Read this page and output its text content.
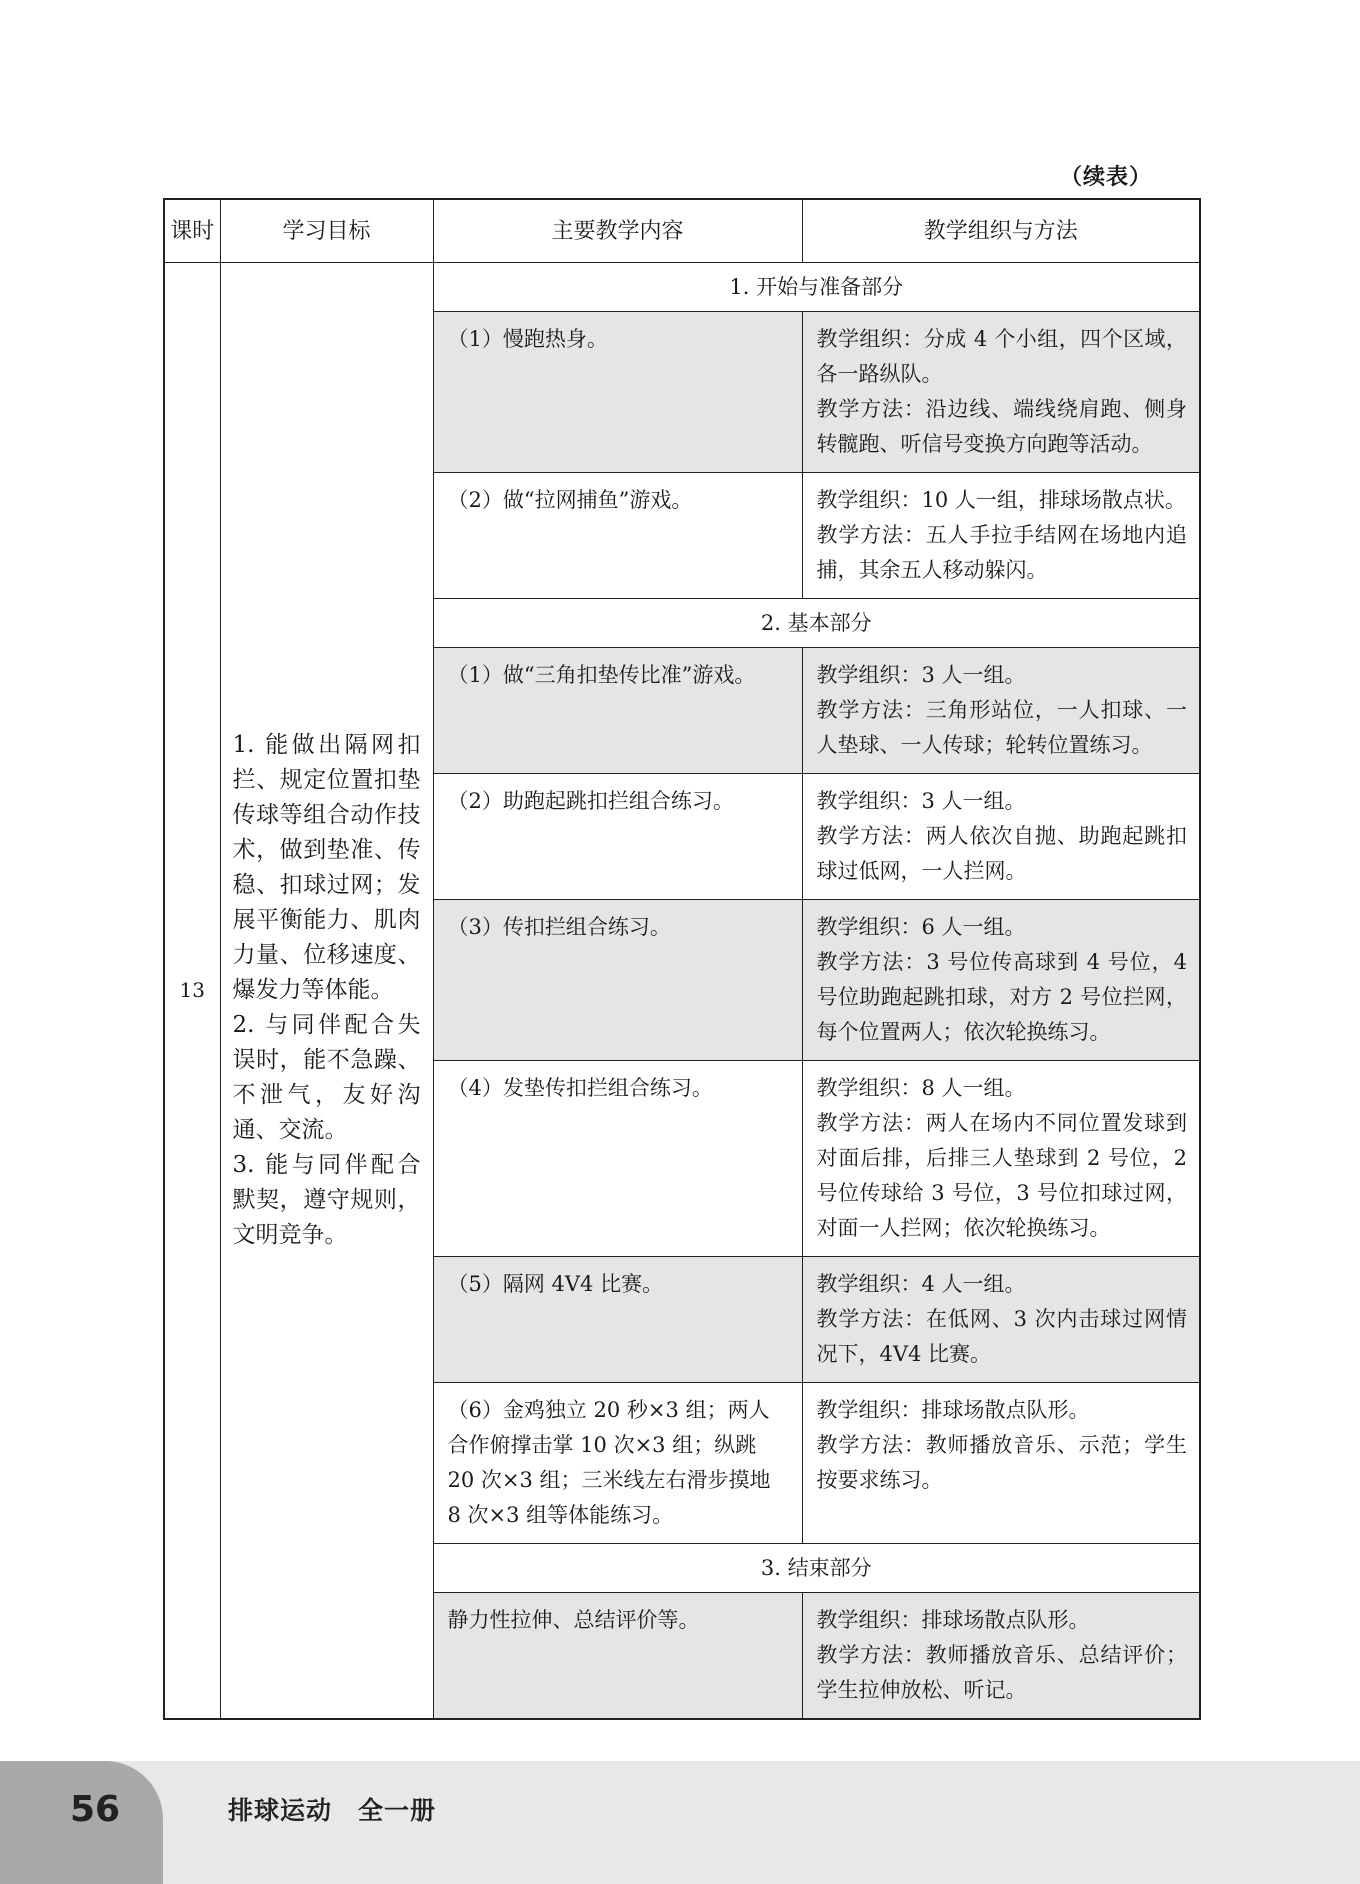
（续表）
课时	学习目标	主要教学内容	教学组织与方法
13	1. 能做出隔网扣拦、规定位置扣垫传球等组合动作技术，做到垫准、传稳、扣球过网；发展平衡能力、肌肉力量、位移速度、爆发力等体能。
2. 与同伴配合失误时，能不急躁、不泄气，友好沟通、交流。
3. 能与同伴配合默契，遵守规则，文明竞争。	1. 开始与准备部分	
		（1）慢跑热身。	教学组织：分成 4 个小组，四个区域，各一路纵队。
教学方法：沿边线、端线绕肩跑、侧身转髋跑、听信号变换方向跑等活动。

		（2）做“拉网捕鱼”游戏。	教学组织：10 人一组，排球场散点状。
教学方法：五人手拉手结网在场地内追捕，其余五人移动躲闪。

		2. 基本部分	
		（1）做“三角扣垫传比准”游戏。	教学组织：3 人一组。
教学方法：三角形站位，一人扣球、一人垫球、一人传球；轮转位置练习。

		（2）助跑起跳扣拦组合练习。	教学组织：3 人一组。
教学方法：两人依次自抛、助跑起跳扣球过低网，一人拦网。

		（3）传扣拦组合练习。	教学组织：6 人一组。
教学方法：3 号位传高球到 4 号位，4 号位助跑起跳扣球，对方 2 号位拦网，每个位置两人；依次轮换练习。

		（4）发垫传扣拦组合练习。	教学组织：8 人一组。
教学方法：两人在场内不同位置发球到对面后排，后排三人垫球到 2 号位，2 号位传球给 3 号位，3 号位扣球过网，对面一人拦网；依次轮换练习。

		（5）隔网 4V4 比赛。	教学组织：4 人一组。
教学方法：在低网、3 次内击球过网情况下，4V4 比赛。

		（6）金鸡独立 20 秒×3 组；两人合作俯撑击掌 10 次×3 组；纵跳 20 次×3 组；三米线左右滑步摸地 8 次×3 组等体能练习。	教学组织：排球场散点队形。
教学方法：教师播放音乐、示范；学生按要求练习。

		3. 结束部分	
		静力性拉伸、总结评价等。	教学组织：排球场散点队形。
教学方法：教师播放音乐、总结评价；学生拉伸放松、听记。
56	排球运动　全一册
